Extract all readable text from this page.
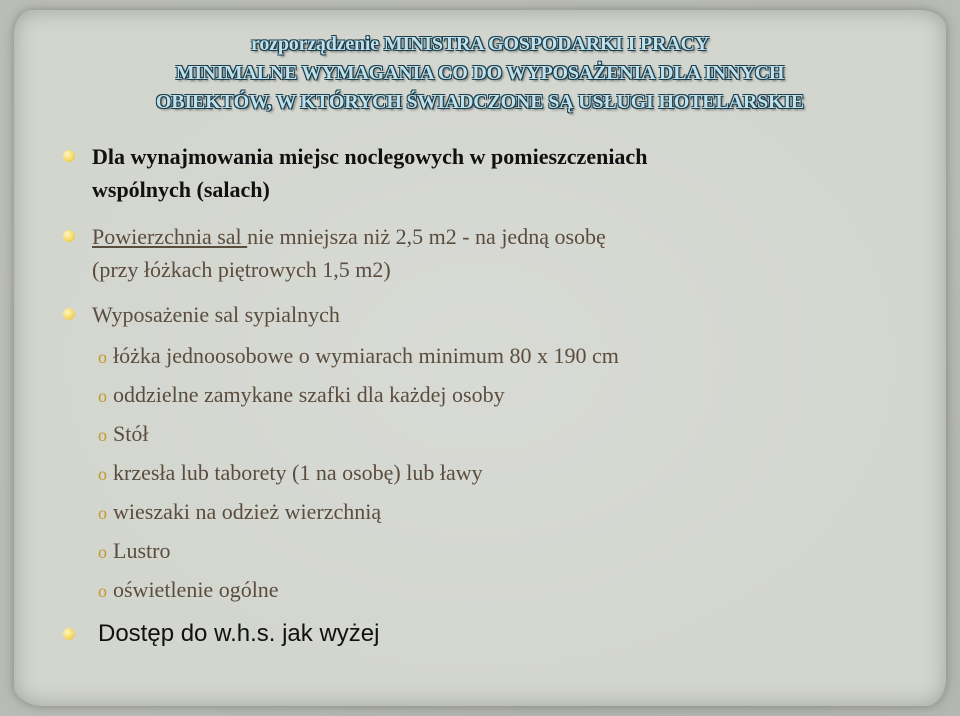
rozporządzenie MINISTRA GOSPODARKI I PRACY
MINIMALNE WYMAGANIA CO DO WYPOSAŻENIA DLA INNYCH
OBIEKTÓW, W KTÓRYCH ŚWIADCZONE SĄ USŁUGI HOTELARSKIE
Dla wynajmowania miejsc noclegowych w pomieszczeniach
wspólnych (salach)
Powierzchnia sal nie mniejsza niż 2,5 m2 - na jedną osobę
(przy łóżkach piętrowych 1,5 m2)
Wyposażenie sal sypialnych
o łóżka jednoosobowe o wymiarach minimum 80 x 190 cm
o oddzielne zamykane szafki dla każdej osoby
o Stół
o krzesła lub taborety (1 na osobę) lub ławy
o wieszaki na odzież wierzchnią
o Lustro
o oświetlenie ogólne
Dostęp do w.h.s. jak wyżej
